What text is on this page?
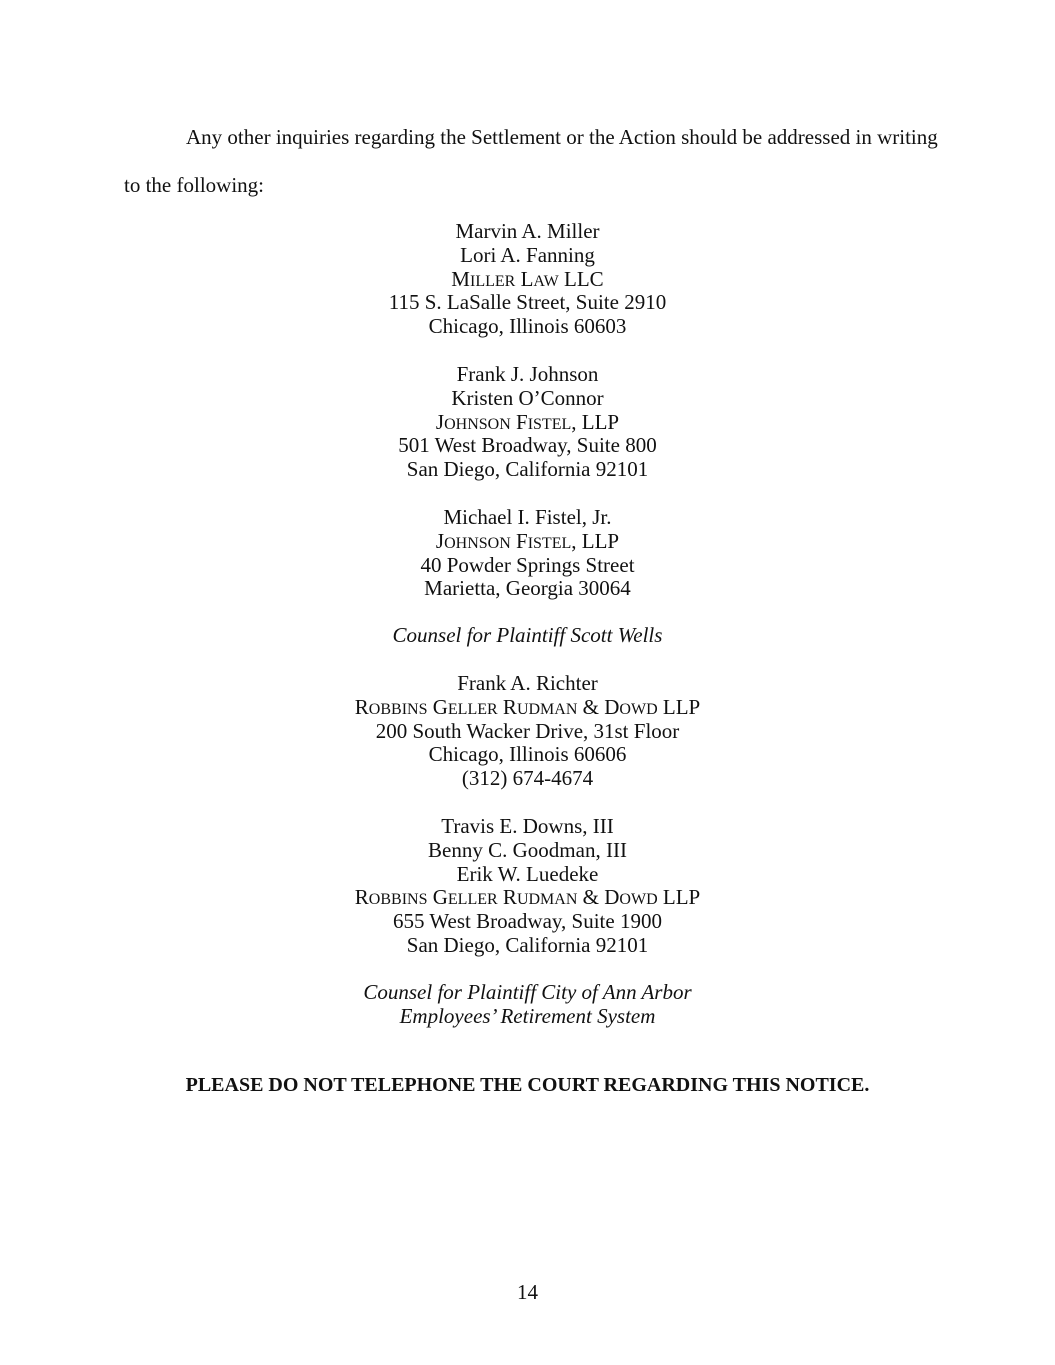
Any other inquiries regarding the Settlement or the Action should be addressed in writing
to the following:
Marvin A. Miller
Lori A. Fanning
MILLER LAW LLC
115 S. LaSalle Street, Suite 2910
Chicago, Illinois 60603
Frank J. Johnson
Kristen O’Connor
JOHNSON FISTEL, LLP
501 West Broadway, Suite 800
San Diego, California 92101
Michael I. Fistel, Jr.
JOHNSON FISTEL, LLP
40 Powder Springs Street
Marietta, Georgia 30064
Counsel for Plaintiff Scott Wells
Frank A. Richter
ROBBINS GELLER RUDMAN & DOWD LLP
200 South Wacker Drive, 31st Floor
Chicago, Illinois 60606
(312) 674-4674
Travis E. Downs, III
Benny C. Goodman, III
Erik W. Luedeke
ROBBINS GELLER RUDMAN & DOWD LLP
655 West Broadway, Suite 1900
San Diego, California 92101
Counsel for Plaintiff City of Ann Arbor
Employees’ Retirement System
PLEASE DO NOT TELEPHONE THE COURT REGARDING THIS NOTICE.
14
